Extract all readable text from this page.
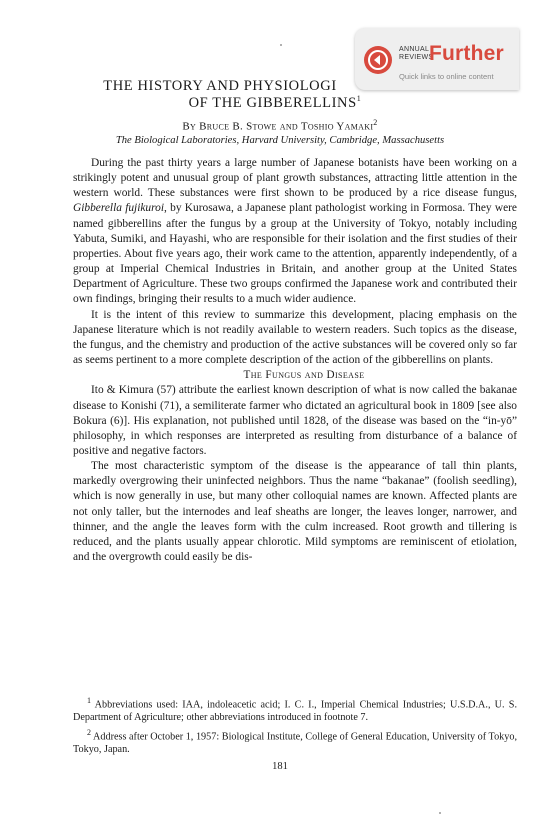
ANNUAL
REVIEWS
Further
Quick links to online content
THE HISTORY AND PHYSIOLOGI
OF THE GIBBERELLINS$^1$
By Bruce B. Stowe and Toshio Yamaki$^2$
The Biological Laboratories, Harvard University, Cambridge, Massachusetts

During the past thirty years a large number of Japanese botanists have been working on a strikingly potent and unusual group of plant growth substances, attracting little attention in the western world. These substances were first shown to be produced by a rice disease fungus, Gibberella fujikuroi, by Kurosawa, a Japanese plant pathologist working in Formosa. They were named gibberellins after the fungus by a group at the University of Tokyo, notably including Yabuta, Sumiki, and Hayashi, who are responsible for their isolation and the first studies of their properties. About five years ago, their work came to the attention, apparently independently, of a group at Imperial Chemical Industries in Britain, and another group at the United States Department of Agriculture. These two groups confirmed the Japanese work and contributed their own findings, bringing their results to a much wider audience.

It is the intent of this review to summarize this development, placing emphasis on the Japanese literature which is not readily available to western readers. Such topics as the disease, the fungus, and the chemistry and production of the active substances will be covered only so far as seems pertinent to a more complete description of the action of the gibberellins on plants.

The Fungus and Disease

Ito & Kimura (57) attribute the earliest known description of what is now called the bakanae disease to Konishi (71), a semiliterate farmer who dictated an agricultural book in 1809 [see also Bokura (6)]. His explanation, not published until 1828, of the disease was based on the “in-yō” philosophy, in which responses are interpreted as resulting from disturbance of a balance of positive and negative factors.

The most characteristic symptom of the disease is the appearance of tall thin plants, markedly overgrowing their uninfected neighbors. Thus the name “bakanae” (foolish seedling), which is now generally in use, but many other colloquial names are known. Affected plants are not only taller, but the internodes and leaf sheaths are longer, the leaves longer, narrower, and thinner, and the angle the leaves form with the culm increased. Root growth and tillering is reduced, and the plants usually appear chlorotic. Mild symptoms are reminiscent of etiolation, and the overgrowth could easily be dis-

$^1$ Abbreviations used: IAA, indoleacetic acid; I. C. I., Imperial Chemical Industries; U.S.D.A., U. S. Department of Agriculture; other abbreviations introduced in footnote 7.

$^2$ Address after October 1, 1957: Biological Institute, College of General Education, University of Tokyo, Tokyo, Japan.

181
